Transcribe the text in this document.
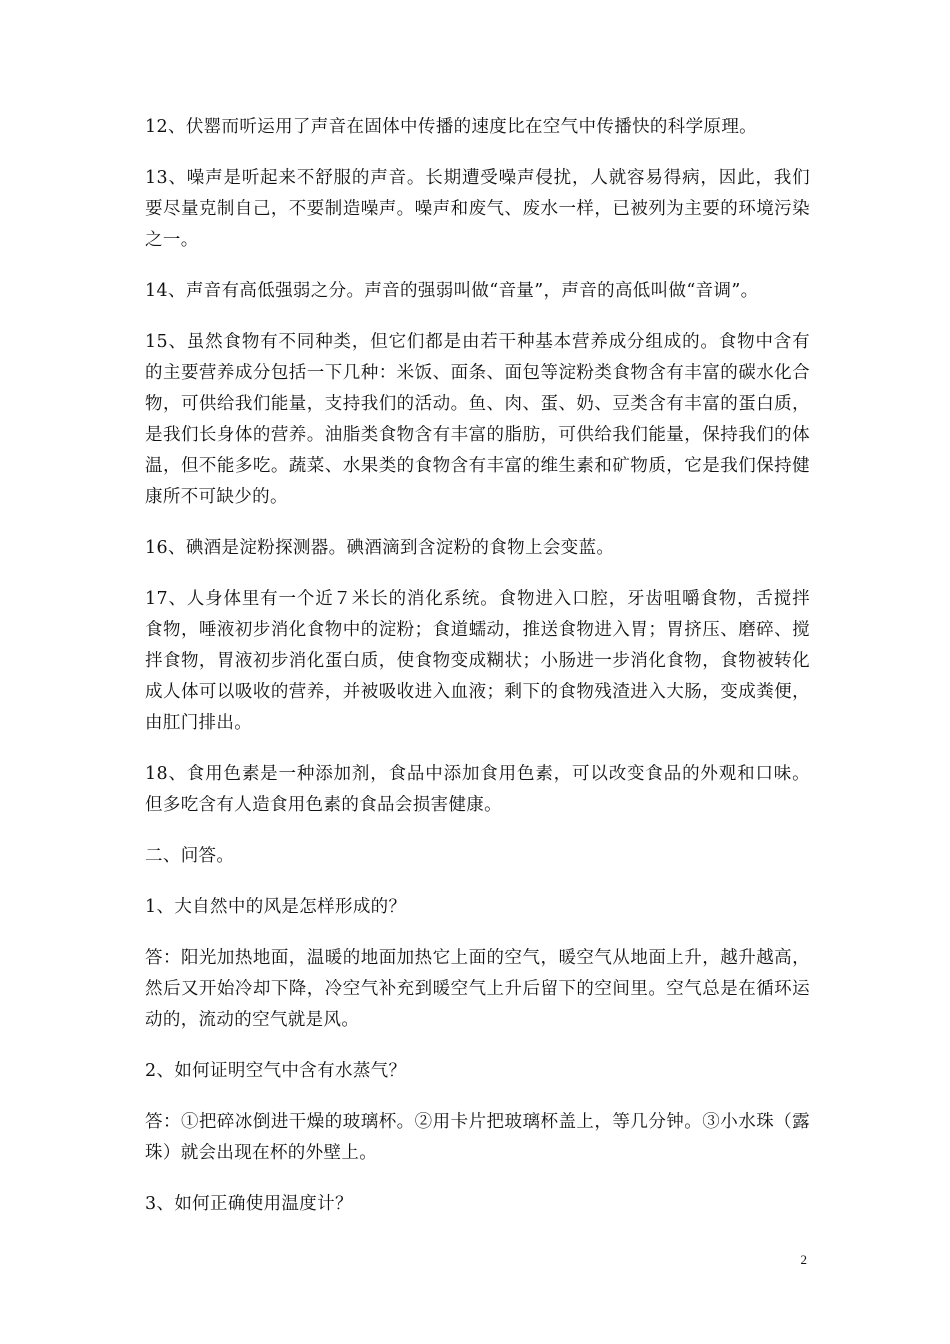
12、伏罂而听运用了声音在固体中传播的速度比在空气中传播快的科学原理。

13、噪声是听起来不舒服的声音。长期遭受噪声侵扰，人就容易得病，因此，我们要尽量克制自己，不要制造噪声。噪声和废气、废水一样，已被列为主要的环境污染之一。

14、声音有高低强弱之分。声音的强弱叫做“音量”，声音的高低叫做“音调”。

15、虽然食物有不同种类，但它们都是由若干种基本营养成分组成的。食物中含有的主要营养成分包括一下几种：米饭、面条、面包等淀粉类食物含有丰富的碳水化合物，可供给我们能量，支持我们的活动。鱼、肉、蛋、奶、豆类含有丰富的蛋白质，是我们长身体的营养。油脂类食物含有丰富的脂肪，可供给我们能量，保持我们的体温，但不能多吃。蔬菜、水果类的食物含有丰富的维生素和矿物质，它是我们保持健康所不可缺少的。

16、碘酒是淀粉探测器。碘酒滴到含淀粉的食物上会变蓝。

17、人身体里有一个近７米长的消化系统。食物进入口腔，牙齿咀嚼食物，舌搅拌食物，唾液初步消化食物中的淀粉；食道蠕动，推送食物进入胃；胃挤压、磨碎、搅拌食物，胃液初步消化蛋白质，使食物变成糊状；小肠进一步消化食物，食物被转化成人体可以吸收的营养，并被吸收进入血液；剩下的食物残渣进入大肠，变成粪便，由肛门排出。

18、食用色素是一种添加剂，食品中添加食用色素，可以改变食品的外观和口味。但多吃含有人造食用色素的食品会损害健康。

二、问答。

1、大自然中的风是怎样形成的？

答：阳光加热地面，温暖的地面加热它上面的空气，暖空气从地面上升，越升越高，然后又开始冷却下降，冷空气补充到暖空气上升后留下的空间里。空气总是在循环运动的，流动的空气就是风。

2、如何证明空气中含有水蒸气？

答：①把碎冰倒进干燥的玻璃杯。②用卡片把玻璃杯盖上，等几分钟。③小水珠（露珠）就会出现在杯的外壁上。

3、如何正确使用温度计？

2
